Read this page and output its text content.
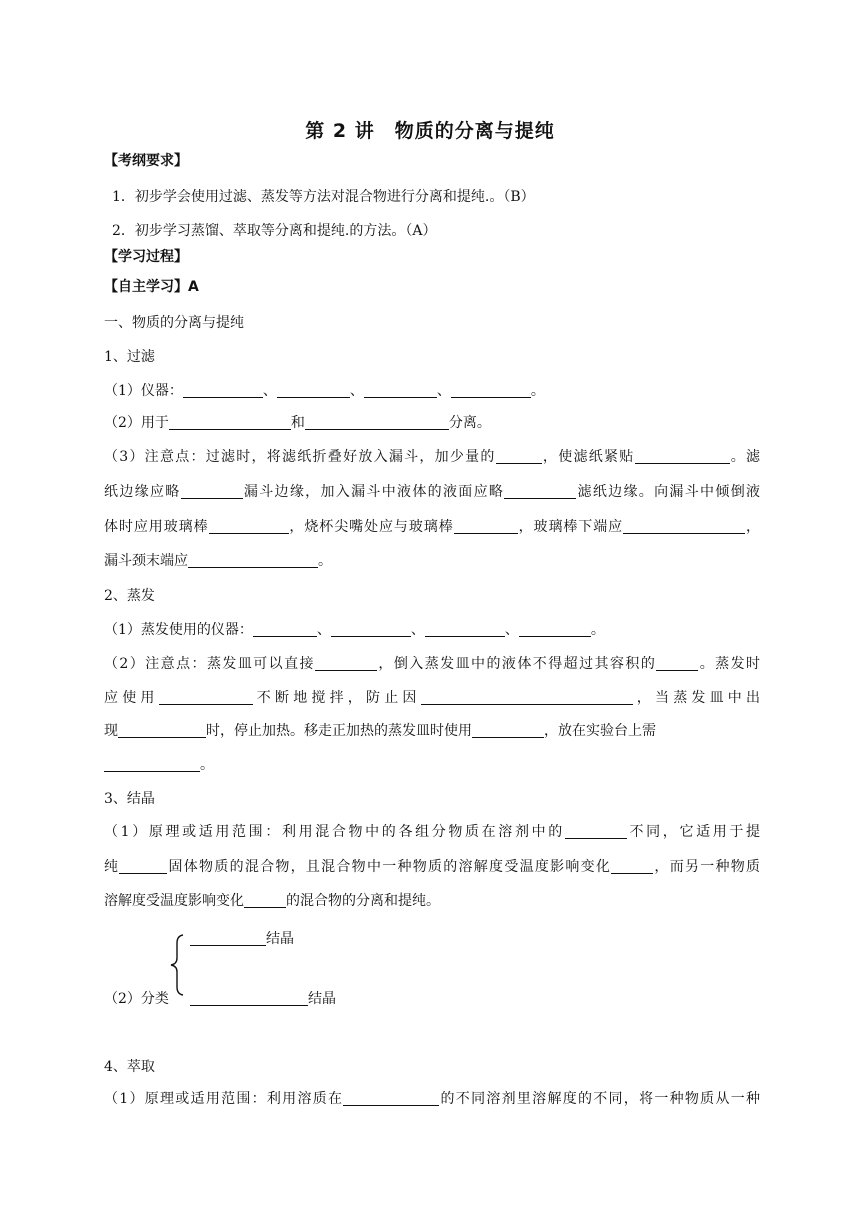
第 2 讲　物质的分离与提纯
【考纲要求】
1．初步学会使用过滤、蒸发等方法对混合物进行分离和提纯.。（B）
2．初步学习蒸馏、萃取等分离和提纯.的方法。（A）
【学习过程】
【自主学习】A
一、物质的分离与提纯
1、过滤
（1）仪器：	、	、	、	。
（2）用于	和	分离。
（3）注意点：过滤时，将滤纸折叠好放入漏斗，加少量的	，使滤纸紧贴	。滤
纸边缘应略	漏斗边缘，加入漏斗中液体的液面应略	滤纸边缘。向漏斗中倾倒液
体时应用玻璃棒	，烧杯尖嘴处应与玻璃棒	，玻璃棒下端应	，
漏斗颈末端应	。
2、蒸发
（1）蒸发使用的仪器：	、	、	、	。
（2）注意点：蒸发皿可以直接	，倒入蒸发皿中的液体不得超过其容积的	。蒸发时
应使用	不断地搅拌，防止因	，当蒸发皿中出
现	时，停止加热。移走正加热的蒸发皿时使用	，放在实验台上需
。
3、结晶
（1）原理或适用范围：利用混合物中的各组分物质在溶剂中的	不同，它适用于提
纯	固体物质的混合物，且混合物中一种物质的溶解度受温度影响变化	，而另一种物质
溶解度受温度影响变化	的混合物的分离和提纯。
结晶
（2）分类	结晶
4、萃取
（1）原理或适用范围：利用溶质在	的不同溶剂里溶解度的不同，将一种物质从一种
